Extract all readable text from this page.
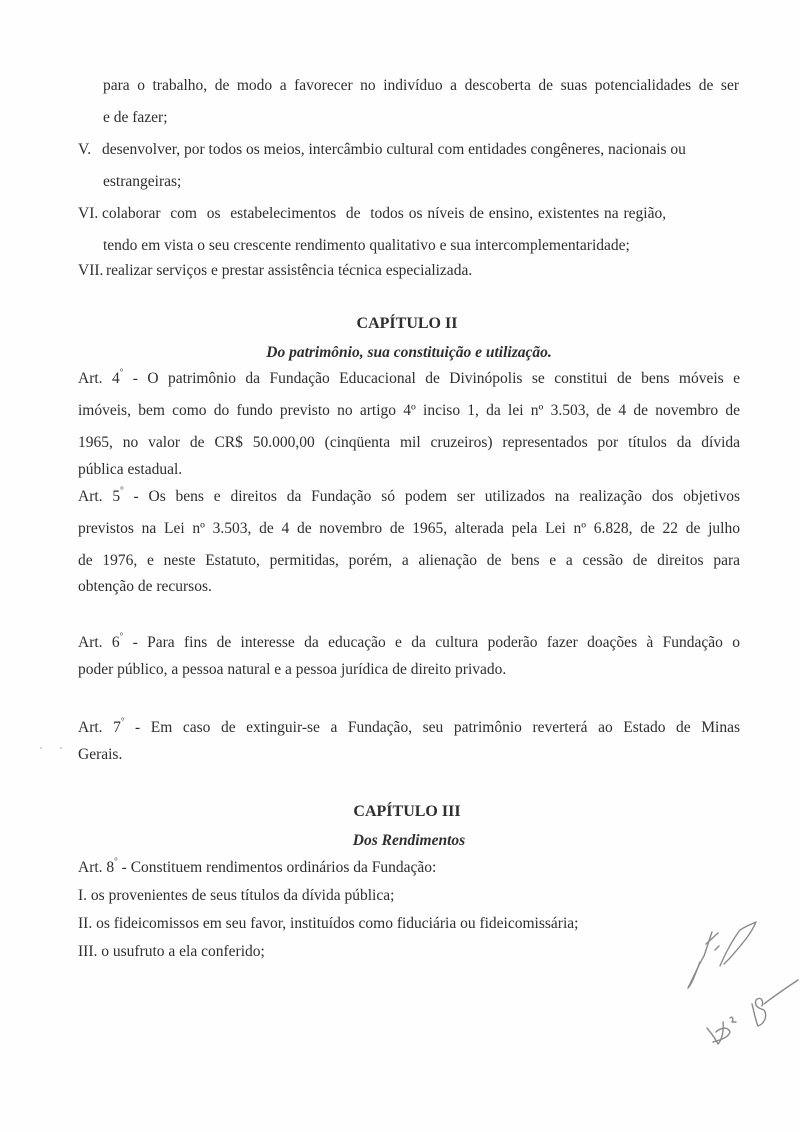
para o trabalho, de modo a favorecer no indivíduo a descoberta de suas potencialidades de ser
e de fazer;
V. desenvolver, por todos os meios, intercâmbio cultural com entidades congêneres, nacionais ou
estrangeiras;
VI. colaborar  com  os  estabelecimentos  de  todos os níveis de ensino, existentes na região,
tendo em vista o seu crescente rendimento qualitativo e sua intercomplementaridade;
VII. realizar serviços e prestar assistência técnica especializada.
CAPÍTULO II
Do patrimônio, sua constituição e utilização.
Art. 4° - O patrimônio da Fundação Educacional de Divinópolis se constitui de bens móveis e
imóveis, bem como do fundo previsto no artigo 4º inciso 1, da lei nº 3.503, de 4 de novembro de
1965, no valor de CR$ 50.000,00 (cinqüenta mil cruzeiros) representados por títulos da dívida
pública estadual.
Art. 5° - Os bens e direitos da Fundação só podem ser utilizados na realização dos objetivos
previstos na Lei nº 3.503, de 4 de novembro de 1965, alterada pela Lei nº 6.828, de 22 de julho
de 1976, e neste Estatuto, permitidas, porém, a alienação de bens e a cessão de direitos para
obtenção de recursos.
Art. 6° - Para fins de interesse da educação e da cultura poderão fazer doações à Fundação o
poder público, a pessoa natural e a pessoa jurídica de direito privado.
Art. 7° - Em caso de extinguir-se a Fundação, seu patrimônio reverterá ao Estado de Minas
Gerais.
CAPÍTULO III
Dos Rendimentos
Art. 8° - Constituem rendimentos ordinários da Fundação:
I. os provenientes de seus títulos da dívida pública;
II. os fideicomissos em seu favor, instituídos como fiduciária ou fideicomissária;
III. o usufruto a ela conferido;
